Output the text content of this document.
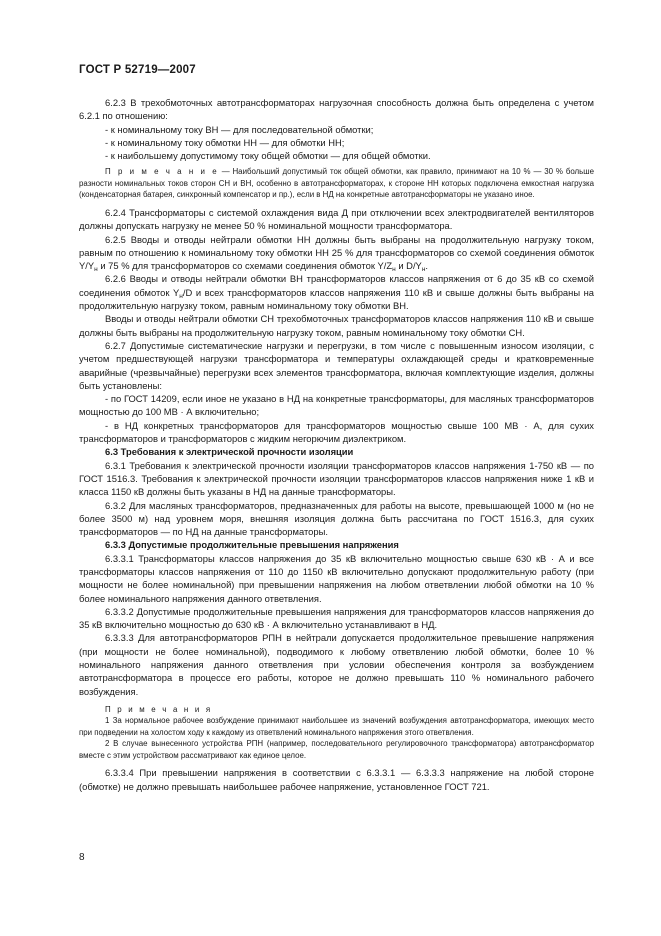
ГОСТ Р 52719—2007

6.2.3 В трехобмоточных автотрансформаторах нагрузочная способность должна быть определена с учетом 6.2.1 по отношению:

- к номинальному току ВН — для последовательной обмотки;

- к номинальному току обмотки НН — для обмотки НН;

- к наибольшему допустимому току общей обмотки — для общей обмотки.

П р и м е ч а н и е — Наибольший допустимый ток общей обмотки, как правило, принимают на 10 % — 30 % больше разности номинальных токов сторон СН и ВН, особенно в автотрансформаторах, к стороне НН которых подключена емкостная нагрузка (конденсаторная батарея, синхронный компенсатор и пр.), если в НД на конкретные автотрансформаторы не указано иное.

6.2.4 Трансформаторы с системой охлаждения вида Д при отключении всех электродвигателей вентиляторов должны допускать нагрузку не менее 50 % номинальной мощности трансформатора.

6.2.5 Вводы и отводы нейтрали обмотки НН должны быть выбраны на продолжительную нагрузку током, равным по отношению к номинальному току обмотки НН 25 % для трансформаторов со схемой соединения обмоток $Y/Y_н$ и 75 % для трансформаторов со схемами соединения обмоток $Y/Z_н$ и $D/Y_н$.

6.2.6 Вводы и отводы нейтрали обмотки ВН трансформаторов классов напряжения от 6 до 35 кВ со схемой соединения обмоток $Y_н/D$ и всех трансформаторов классов напряжения 110 кВ и свыше должны быть выбраны на продолжительную нагрузку током, равным номинальному току обмотки ВН.

Вводы и отводы нейтрали обмотки СН трехобмоточных трансформаторов классов напряжения 110 кВ и свыше должны быть выбраны на продолжительную нагрузку током, равным номинальному току обмотки СН.

6.2.7 Допустимые систематические нагрузки и перегрузки, в том числе с повышенным износом изоляции, с учетом предшествующей нагрузки трансформатора и температуры охлаждающей среды и кратковременные аварийные (чрезвычайные) перегрузки всех элементов трансформатора, включая комплектующие изделия, должны быть установлены:

- по ГОСТ 14209, если иное не указано в НД на конкретные трансформаторы, для масляных трансформаторов мощностью до 100 МВ · А включительно;

- в НД конкретных трансформаторов для трансформаторов мощностью свыше 100 МВ · А, для сухих трансформаторов и трансформаторов с жидким негорючим диэлектриком.

6.3 Требования к электрической прочности изоляции

6.3.1 Требования к электрической прочности изоляции трансформаторов классов напряжения 1-750 кВ — по ГОСТ 1516.3. Требования к электрической прочности изоляции трансформаторов классов напряжения ниже 1 кВ и класса 1150 кВ должны быть указаны в НД на данные трансформаторы.

6.3.2 Для масляных трансформаторов, предназначенных для работы на высоте, превышающей 1000 м (но не более 3500 м) над уровнем моря, внешняя изоляция должна быть рассчитана по ГОСТ 1516.3, для сухих трансформаторов — по НД на данные трансформаторы.

6.3.3 Допустимые продолжительные превышения напряжения

6.3.3.1 Трансформаторы классов напряжения до 35 кВ включительно мощностью свыше 630 кВ · А и все трансформаторы классов напряжения от 110 до 1150 кВ включительно допускают продолжительную работу (при мощности не более номинальной) при превышении напряжения на любом ответвлении любой обмотки на 10 % более номинального напряжения данного ответвления.

6.3.3.2 Допустимые продолжительные превышения напряжения для трансформаторов классов напряжения до 35 кВ включительно мощностью до 630 кВ · А включительно устанавливают в НД.

6.3.3.3 Для автотрансформаторов РПН в нейтрали допускается продолжительное превышение напряжения (при мощности не более номинальной), подводимого к любому ответвлению любой обмотки, более 10 % номинального напряжения данного ответвления при условии обеспечения контроля за возбуждением автотрансформатора в процессе его работы, которое не должно превышать 110 % номинального рабочего возбуждения.

П р и м е ч а н и я

1 За нормальное рабочее возбуждение принимают наибольшее из значений возбуждения автотрансформатора, имеющих место при подведении на холостом ходу к каждому из ответвлений номинального напряжения этого ответвления.

2 В случае вынесенного устройства РПН (например, последовательного регулировочного трансформатора) автотрансформатор вместе с этим устройством рассматривают как единое целое.

6.3.3.4 При превышении напряжения в соответствии с 6.3.3.1 — 6.3.3.3 напряжение на любой стороне (обмотке) не должно превышать наибольшее рабочее напряжение, установленное ГОСТ 721.

8
